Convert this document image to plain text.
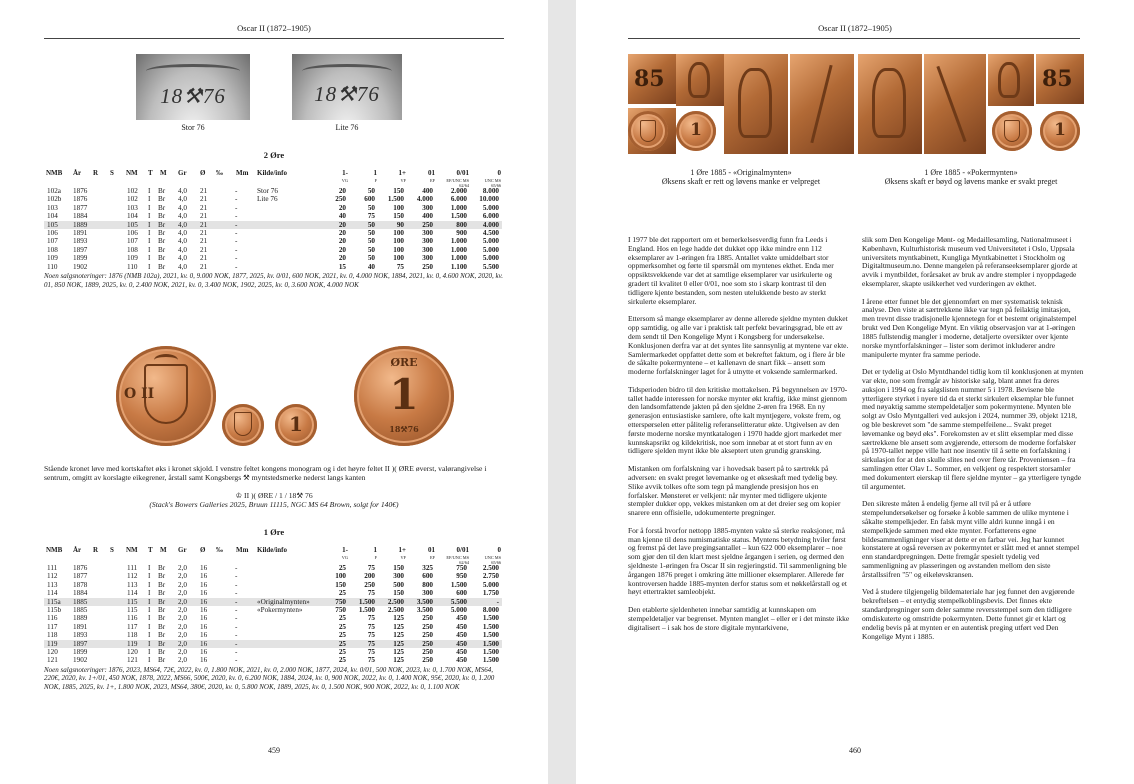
Oscar II (1872–1905)
18⚒76	18⚒76
Stor 76	Lite 76
O II
1
ØRE
1
18⚒76
Stående kronet løve med kortskaftet øks i kronet skjold. I venstre feltet kongens monogram og i det høyre feltet II )( ØRE øverst, valørangivelse i sentrum, omgitt av korslagte eikegrener, årstall samt Kongsbergs ⚒ myntstedsmerke nederst langs kanten
♔ II )( ØRE / 1 / 18⚒ 76
(Stack's Bowers Galleries 2025, Bruun 11115, NGC MS 64 Brown, solgt for 140€)
459
2 Øre
NMB År R S NM T M Gr Ø ‰ Mm Kilde/info	1-
VG
1
F
1+
VF
01
EF
0/01
EF/UNC MS 62/64
0
UNC MS 65/66
102a 1876	102 I Br 4,0 21	-	Stor 76	20	50	150	400	2.000	8.000
102b 1876	102 I Br 4,0 21	-	Lite 76	250	600	1.500	4.000	6.000	10.000
103 1877	103 I Br 4,0 21	-	20	50	100	300	1.000	5.000
104 1884	104 I Br 4,0 21	-	40	75	150	400	1.500	6.000
105 1889	105 I Br 4,0 21	-	20	50	90	250	800	4.000
106 1891	106 I Br 4,0 21	-	20	50	100	300	900	4.500
107 1893	107 I Br 4,0 21	-	20	50	100	300	1.000	5.000
108 1897	108 I Br 4,0 21	-	20	50	100	300	1.000	5.000
109 1899	109 I Br 4,0 21	-	20	50	100	300	1.000	5.000
110 1902	110 I Br 4,0 21	-	15	40	75	250	1.100	5.500
Noen salgsnoteringer: 1876 (NMB 102a), 2021, kv. 0, 9.000 NOK, 1877, 2025, kv. 0/01, 600 NOK, 2021, kv. 0, 4.000 NOK, 1884, 2021, kv. 0, 4.600 NOK, 2020, kv. 01, 850 NOK, 1889, 2025, kv. 0, 2.400 NOK, 2021, kv. 0, 3.400 NOK, 1902, 2025, kv. 0, 3.600 NOK, 4.000 NOK
1 Øre
NMB År R S NM T M Gr Ø ‰ Mm Kilde/info	1-
VG
1
F
1+
VF
01
EF
0/01
EF/UNC MS 62/64
0
UNC MS 65/66
111 1876	111 I Br 2,0 16	-	25	75	150	325	750	2.500
112 1877	112 I Br 2,0 16	-	100	200	300	600	950	2.750
113 1878	113 I Br 2,0 16	-	150	250	500	800	1.500	5.000
114 1884	114 I Br 2,0 16	-	25	75	150	300	600	1.750
115a 1885	115 I Br 2,0 16	-	«Originalmynten»	750	1.500	2.500	3.500	5.500	-
115b 1885	115 I Br 2,0 16	-	«Pokermynten»	750	1.500	2.500	3.500	5.000	8.000
116 1889	116 I Br 2,0 16	-	25	75	125	250	450	1.500
117 1891	117 I Br 2,0 16	-	25	75	125	250	450	1.500
118 1893	118 I Br 2,0 16	-	25	75	125	250	450	1.500
119 1897	119 I Br 2,0 16	-	25	75	125	250	450	1.500
120 1899	120 I Br 2,0 16	-	25	75	125	250	450	1.500
121 1902	121 I Br 2,0 16	-	25	75	125	250	450	1.500
Noen salgsnoteringer: 1876, 2023, MS64, 72€, 2022, kv. 0, 1.800 NOK, 2021, kv. 0, 2.000 NOK, 1877, 2024, kv. 0/01, 500 NOK, 2023, kv. 0, 1.700 NOK, MS64, 220€, 2020, kv. 1+/01, 450 NOK, 1878, 2022, MS66, 500€, 2020, kv. 0, 6.200 NOK, 1884, 2024, kv. 0, 900 NOK, 2022, kv. 0, 1.400 NOK, 95€, 2020, kv. 0, 1.200 NOK, 1885, 2025, kv. 1+, 1.800 NOK, 2023, MS64, 380€, 2020, kv. 0, 5.800 NOK, 1889, 2025, kv. 0, 1.500 NOK, 900 NOK, 2022, kv. 0, 1.100 NOK
Oscar II (1872–1905)
85
1
85
1
1 Øre 1885 - «Originalmynten»
Øksens skaft er rett og løvens manke er velpreget
1 Øre 1885 - «Pokermynten»
Øksens skaft er bøyd og løvens manke er svakt preget

I 1977 ble det rapportert om et bemerkelsesverdig funn fra Leeds i England. Hos en lege hadde det dukket opp ikke mindre enn 112 eksemplarer av 1-øringen fra 1885. Antallet vakte umiddelbart stor oppmerksomhet og førte til spørsmål om myntenes ekthet. Enda mer oppsiktsvekkende var det at samtlige eksemplarer var usirkulerte og gradert til kvalitet 0 eller 0/01, noe som sto i skarp kontrast til den tidligere kjente bestanden, som nesten utelukkende besto av sterkt sirkulerte eksemplarer.

Ettersom så mange eksemplarer av denne allerede sjeldne mynten dukket opp samtidig, og alle var i praktisk talt perfekt bevaringsgrad, ble ett av dem sendt til Den Kongelige Mynt i Kongsberg for undersøkelse. Konklusjonen derfra var at det syntes lite sannsynlig at myntene var ekte. Samlermarkedet oppfattet dette som et bekreftet faktum, og i flere år ble de såkalte pokermyntene – et kallenavn de snart fikk – ansett som moderne forfalskninger laget for å utnytte et voksende samlermarked.

Tidsperioden bidro til den kritiske mottakelsen. På begynnelsen av 1970-tallet hadde interessen for norske mynter økt kraftig, ikke minst gjennom den landsomfattende jakten på den sjeldne 2-øren fra 1968. En ny generasjon entusiastiske samlere, ofte kalt myntjegere, vokste frem, og etterspørselen etter pålitelig referanselitteratur økte. Utgivelsen av den første moderne norske myntkatalogen i 1970 hadde gjort markedet mer kunnskapsrikt og kildekritisk, noe som innebar at et stort funn av en tidligere sjelden mynt ikke ble akseptert uten grundig gransking.

Mistanken om forfalskning var i hovedsak basert på to særtrekk på adversen: en svakt preget løvemanke og et økseskaft med tydelig bøy. Slike avvik tolkes ofte som tegn på manglende presisjon hos en forfalsker. Mønsteret er velkjent: når mynter med tidligere ukjente stempler dukker opp, vekkes mistanken om at det dreier seg om kopier snarere enn offisielle, udokumenterte pregninger.

For å forstå hvorfor nettopp 1885-mynten vakte så sterke reaksjoner, må man kjenne til dens numismatiske status. Myntens betydning hviler først og fremst på det lave pregingsantallet – kun 622 000 eksemplarer – noe som gjør den til den klart mest sjeldne årgangen i serien, og dermed den sjeldneste 1-øringen fra Oscar II sin regjeringstid. Til sammenligning ble årgangen 1876 preget i omkring ätte millioner eksemplarer. Allerede før kontroversen hadde 1885-mynten derfor status som et nøkkelårstall og et høyt ettertraktet samleobjekt.

Den etablerte sjeldenheten innebar samtidig at kunnskapen om stempeldetaljer var begrenset. Mynten manglet – eller er i det minste ikke digitalisert – i sak hos de store digitale myntarkivene,

slik som Den Kongelige Mønt- og Medaillesamling, Nationalmuseet i København, Kulturhistorisk museum ved Universitetet i Oslo, Uppsala universitets myntkabinett, Kungliga Myntkabinettet i Stockholm og Digitaltmuseum.no. Denne mangelen på referanseeksemplarer gjorde at avvik i myntbildet, forårsaket av bruk av andre stempler i nyoppdagede eksemplarer, skapte usikkerhet ved vurderingen av ekthet.

I årene etter funnet ble det gjennomført en mer systematisk teknisk analyse. Den viste at særtrekkene ikke var tegn på feilaktig imitasjon, men trevnt disse tradisjonelle kjennetegn for et bestemt originalstempel brukt ved Den Kongelige Mynt. En viktig observasjon var at 1-øringen 1885 fullstendig mangler i moderne, detaljerte oversikter over kjente norske myntforfalskninger – lister som derimot inkluderer andre manipulerte mynter fra samme periode.

Det er tydelig at Oslo Myntdhandel tidlig kom til konklusjonen at mynten var ekte, noe som fremgår av historiske salg, blant annet fra deres auksjon i 1994 og fra salgslisten nummer 5 i 1978. Bevisene ble ytterligere styrket i nyere tid da et sterkt sirkulert eksemplar ble funnet med nøyaktig samme stempeldetaljer som pokermyntene. Mynten ble solgt av Oslo Myntgalleri ved auksjon i 2024, nummer 39, objekt 1218, og ble beskrevet som "de samme stempelfeilene... Svakt preget løvemanke og bøyd øks". Forekomsten av et slitt eksemplar med disse særtrekkene ble ansett som avgjørende, ettersom de moderne forfalsker på 1970-tallet neppe ville hatt noe insentiv til å sette en forfalskning i sirkulasjon for at den skulle slites ned over flere tår. Proveniensen – fra samlingen etter Olav L. Sommer, en velkjent og respektert storsamler med dokumentert eierskap til flere sjeldne mynter – ga ytterligere tyngde til argumentet.

Den sikreste måten å endelig fjerne all tvil på er å utføre stempelundersøkelser og forsøke å koble sammen de ulike myntene i såkalte stempelkjeder. En falsk mynt ville aldri kunne inngå i en stempelkjede sammen med ekte mynter. Forfatterens egne bildesammenligninger viser at dette er en farbar vei. Jeg har kunnet konstatere at også reversen av pokermyntet er slått med et annet stempel enn standardpregningen. Dette fremgår spesielt tydelig ved sammenligning av plasseringen og avstanden mellom den siste årstallssifren "5" og eikeløvskransen.

Ved å studere tilgjengelig bildemateriale har jeg funnet den avgjørende bekreftelsen – et entydig stempelkoblingsbevis. Det finnes ekte standardpregninger som deler samme reversstempel som den tidligere omdiskuterte og omstridte pokermynten. Dette funnet gir et klart og endelig bevis på at mynten er en autentisk preging utført ved Den Kongelige Mynt i 1885.

460
